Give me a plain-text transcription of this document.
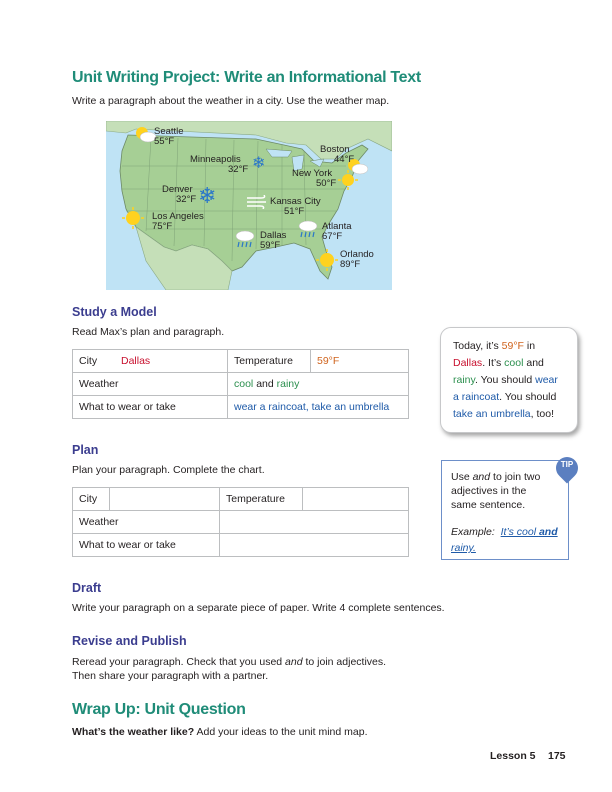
Unit Writing Project: Write an Informational Text
Write a paragraph about the weather in a city. Use the weather map.
❄
❄
Seattle
55°F
Minneapolis
32°F
Boston
44°F
New York
50°F
Denver
32°F	Kansas City
51°F
Los Angeles
75°F	Atlanta
67°F
Dallas
59°F
Orlando
89°F
Study a Model
Read Max’s plan and paragraph.
City	Dallas	Temperature	59°F
Weather		cool and rainy	
What to wear or take		wear a raincoat, take an umbrella	
Today, it’s 59°F in
Dallas. It’s cool and
rainy. You should wear
a raincoat. You should
take an umbrella, too!
Plan
Plan your paragraph. Complete the chart.
City		Temperature	
Weather			
What to wear or take			
Use and to join two
adjectives in the
same sentence.
Example: It’s cool and
rainy.
TIP
Draft
Write your paragraph on a separate piece of paper. Write 4 complete sentences.
Revise and Publish
Reread your paragraph. Check that you used and to join adjectives.
Then share your paragraph with a partner.
Wrap Up: Unit Question
What’s the weather like? Add your ideas to the unit mind map.
Lesson 5 175
